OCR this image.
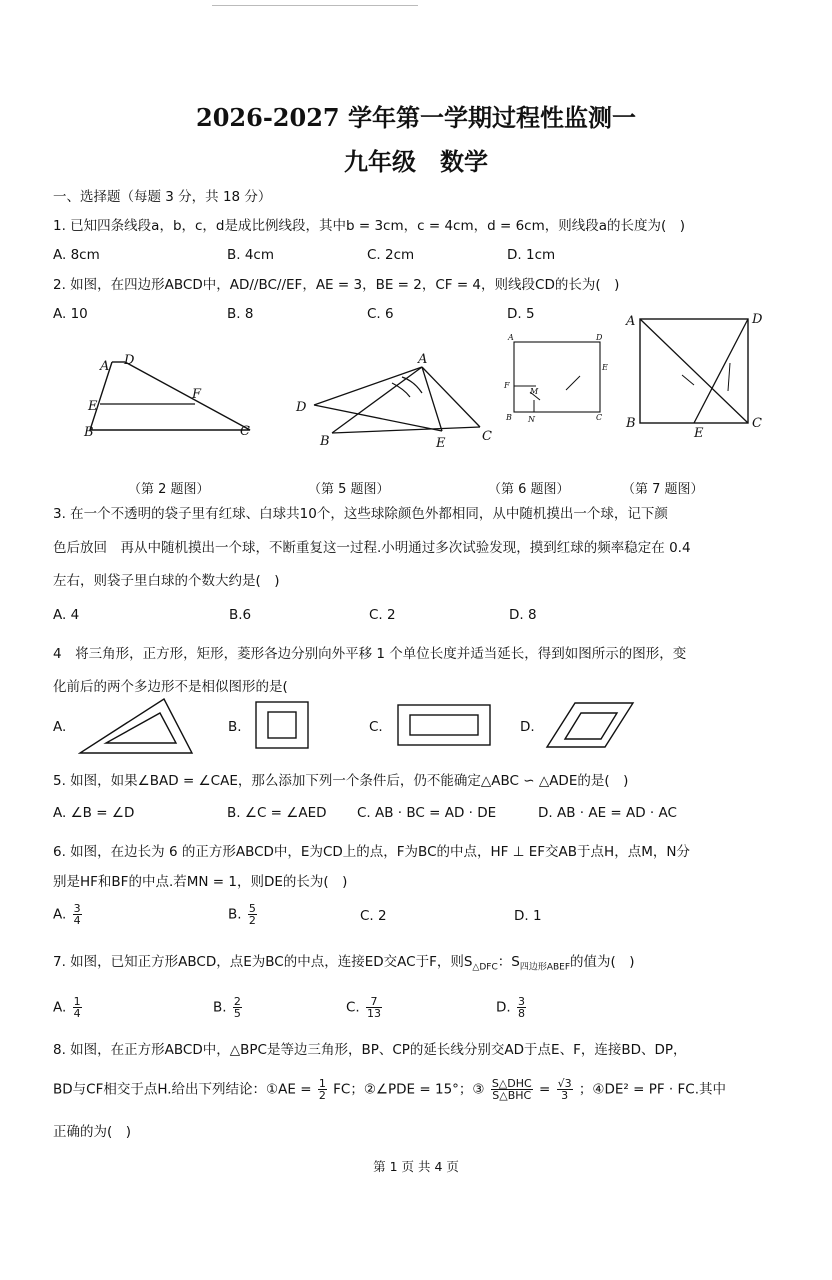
2026-2027 学年第一学期过程性监测一
九年级　数学
一、选择题（每题 3 分，共 18 分）
1. 已知四条线段a，b，c，d是成比例线段，其中b = 3cm，c = 4cm，d = 6cm，则线段a的长度为(　)
A. 8cm	B. 4cm	C. 2cm	D. 1cm
2. 如图，在四边形ABCD中，AD//BC//EF，AE = 3，BE = 2，CF = 4，则线段CD的长为(　)
A. 10	B. 8	C. 6	D. 5
A D
E
F
B	C
A
D
B	E	C
A	D
E
F
M
N
B	C
A	D
B
E
C
（第 2 题图）	（第 5 题图）	（第 6 题图）	（第 7 题图）
3. 在一个不透明的袋子里有红球、白球共10个，这些球除颜色外都相同，从中随机摸出一个球，记下颜
色后放回　再从中随机摸出一个球，不断重复这一过程.小明通过多次试验发现，摸到红球的频率稳定在 0.4
左右，则袋子里白球的个数大约是(　)
A. 4	B.6	C. 2	D. 8
4　将三角形，正方形，矩形，菱形各边分别向外平移 1 个单位长度并适当延长，得到如图所示的图形，变
化前后的两个多边形不是相似图形的是(
A.	B.	C.	D.
5. 如图，如果∠BAD = ∠CAE，那么添加下列一个条件后，仍不能确定△ABC ∽ △ADE的是(　)
A. ∠B = ∠D	B. ∠C = ∠AED C. AB · BC = AD · DE	D. AB · AE = AD · AC
6. 如图，在边长为 6 的正方形ABCD中，E为CD上的点，F为BC的中点，HF ⊥ EF交AB于点H，点M，N分
别是HF和BF的中点.若MN = 1，则DE的长为(　)
A. $\frac{3}{4}$	B. $\frac{5}{2}$	C. 2	D. 1
7. 如图，已知正方形ABCD，点E为BC的中点，连接ED交AC于F，则$S_{\triangle DFC}$：$S_{四边形ABEF}$的值为(　)
A. $\frac{1}{4}$	B. $\frac{2}{5}$	C. $\frac{7}{13}$	D. $\frac{3}{8}$
8. 如图，在正方形ABCD中，△BPC是等边三角形，BP、CP的延长线分别交AD于点E、F，连接BD、DP，
BD与CF相交于点H.给出下列结论：①AE = $\frac{1}{2}$ FC；②∠PDE = 15°；③ $\frac{\text{S△DHC}}{\text{S△BHC}} = \frac{√3}{3}$ ；④DE² = PF · FC.其中
正确的为(　)
第 1 页 共 4 页
